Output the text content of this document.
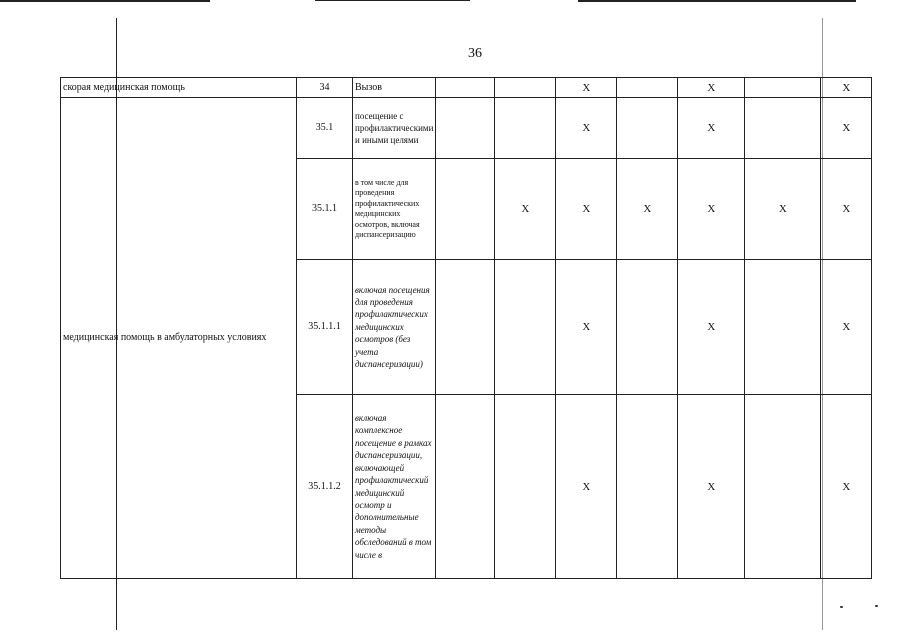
36
скорая медицинская помощь	34	Вызов			X		X		X
медицинская помощь в амбулаторных условиях	35.1	посещение с профилактическими и иными целями			X		X		X
	35.1.1	в том числе для проведения профилактических медицинских осмотров, включая диспансеризацию		X	X	X	X	X	X
	35.1.1.1	включая посещения для проведения профилактических медицинских осмотров (без учета диспансеризации)			X		X		X
	35.1.1.2	включая комплексное посещение в рамках диспансеризации, включающей профилактический медицинский осмотр и дополнительные методы обследований в том числе в			X		X		X
